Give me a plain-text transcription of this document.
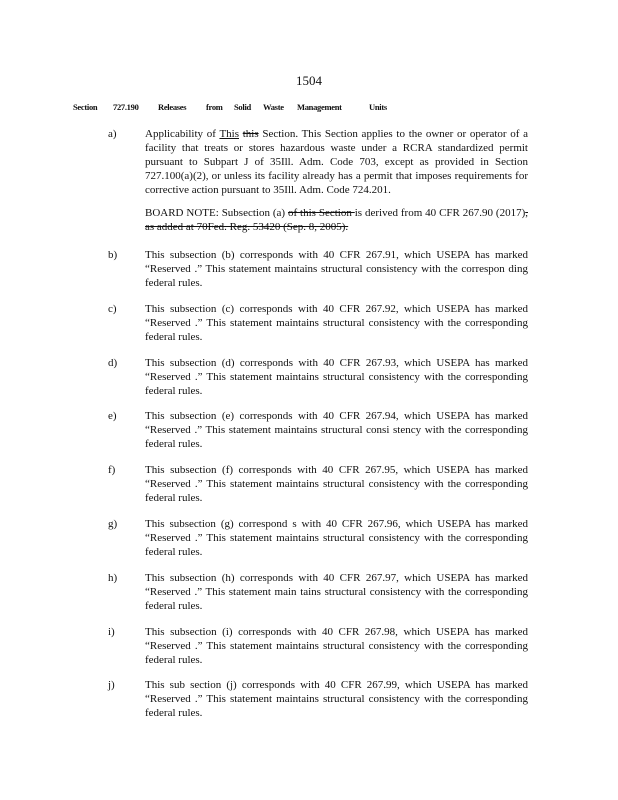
1504
Section 727.190 Releases from Solid Waste Management	Units
a)	Applicability of This this Section. This Section applies to the owner or operator of a facility that treats or stores hazardous waste under a RCRA standardized permit pursuant to Subpart J of 35Ill. Adm. Code 703, except as provided in Section 727.100(a)(2), or unless its facility already has a permit that imposes requirements for corrective action pursuant to 35Ill. Adm. Code 724.201.
BOARD NOTE: Subsection (a) of this Section is derived from 40 CFR 267.90 (2017), as added at 70Fed. Reg. 53420 (Sep. 8, 2005).
b)	This subsection (b) corresponds with 40 CFR 267.91, which USEPA has marked “Reserved .” This statement maintains structural consistency with the correspon ding federal rules.
c)	This subsection (c) corresponds with 40 CFR 267.92, which USEPA has marked “Reserved .” This statement maintains structural consistency with the corresponding federal rules.
d)	This subsection (d) corresponds with 40 CFR 267.93, which USEPA has marked “Reserved .” This statement maintains structural consistency with the corresponding federal rules.
e)	This subsection (e) corresponds with 40 CFR 267.94, which USEPA has marked “Reserved .” This statement maintains structural consi stency with the corresponding federal rules.
f)	This subsection (f) corresponds with 40 CFR 267.95, which USEPA has marked “Reserved .” This statement maintains structural consistency with the corresponding federal rules.
g)	This subsection (g) correspond s with 40 CFR 267.96, which USEPA has marked “Reserved .” This statement maintains structural consistency with the corresponding federal rules.
h)	This subsection (h) corresponds with 40 CFR 267.97, which USEPA has marked “Reserved .” This statement main tains structural consistency with the corresponding federal rules.
i)	This subsection (i) corresponds with 40 CFR 267.98, which USEPA has marked “Reserved .” This statement maintains structural consistency with the corresponding federal rules.
j)	This sub section (j) corresponds with 40 CFR 267.99, which USEPA has marked “Reserved .” This statement maintains structural consistency with the corresponding federal rules.
